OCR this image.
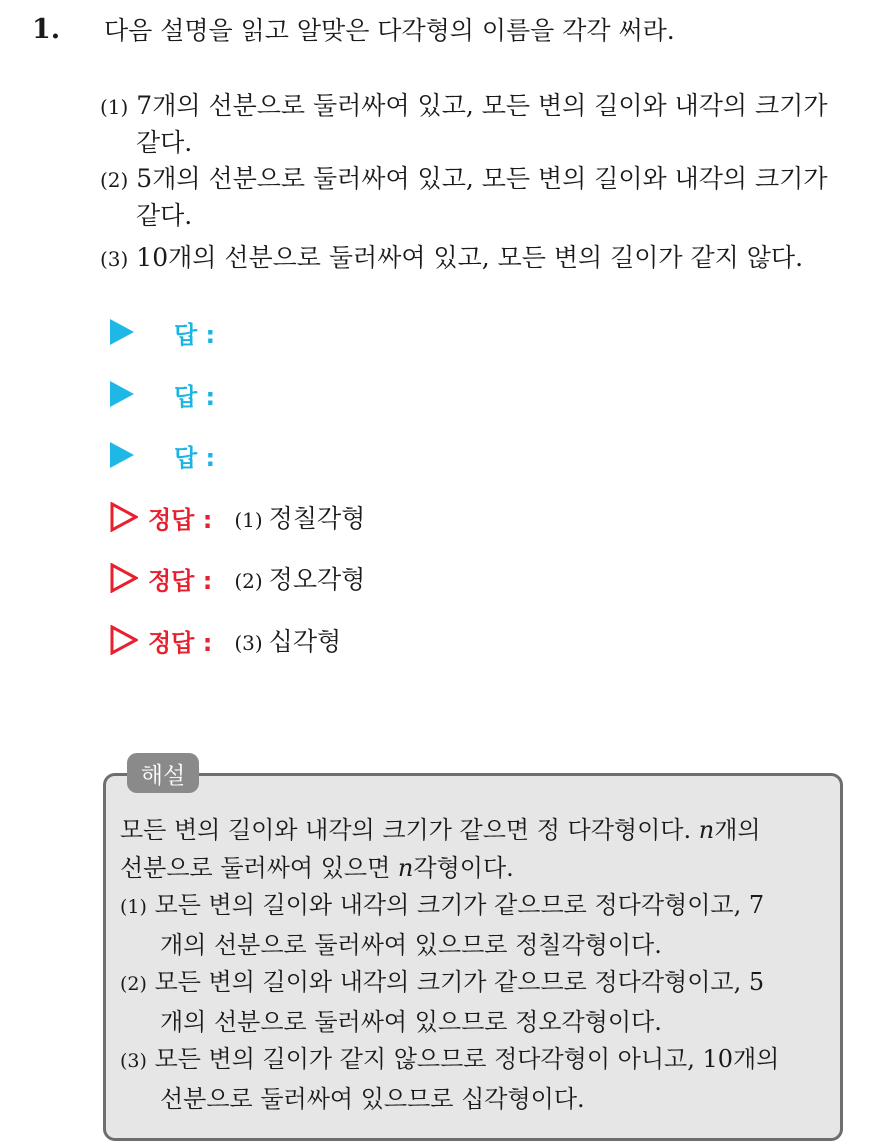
1. 다음 설명을 읽고 알맞은 다각형의 이름을 각각 써라.
(1) 7개의 선분으로 둘러싸여 있고, 모든 변의 길이와 내각의 크기가
같다.
(2) 5개의 선분으로 둘러싸여 있고, 모든 변의 길이와 내각의 크기가
같다.
(3) 10개의 선분으로 둘러싸여 있고, 모든 변의 길이가 같지 않다.
답 :
답 :
답 :
정답 : (1) 정칠각형
정답 : (2) 정오각형
정답 : (3) 십각형
해설
모든 변의 길이와 내각의 크기가 같으면 정 다각형이다. n개의
선분으로 둘러싸여 있으면 n각형이다.
(1) 모든 변의 길이와 내각의 크기가 같으므로 정다각형이고, 7
개의 선분으로 둘러싸여 있으므로 정칠각형이다.
(2) 모든 변의 길이와 내각의 크기가 같으므로 정다각형이고, 5
개의 선분으로 둘러싸여 있으므로 정오각형이다.
(3) 모든 변의 길이가 같지 않으므로 정다각형이 아니고, 10개의
선분으로 둘러싸여 있으므로 십각형이다.
